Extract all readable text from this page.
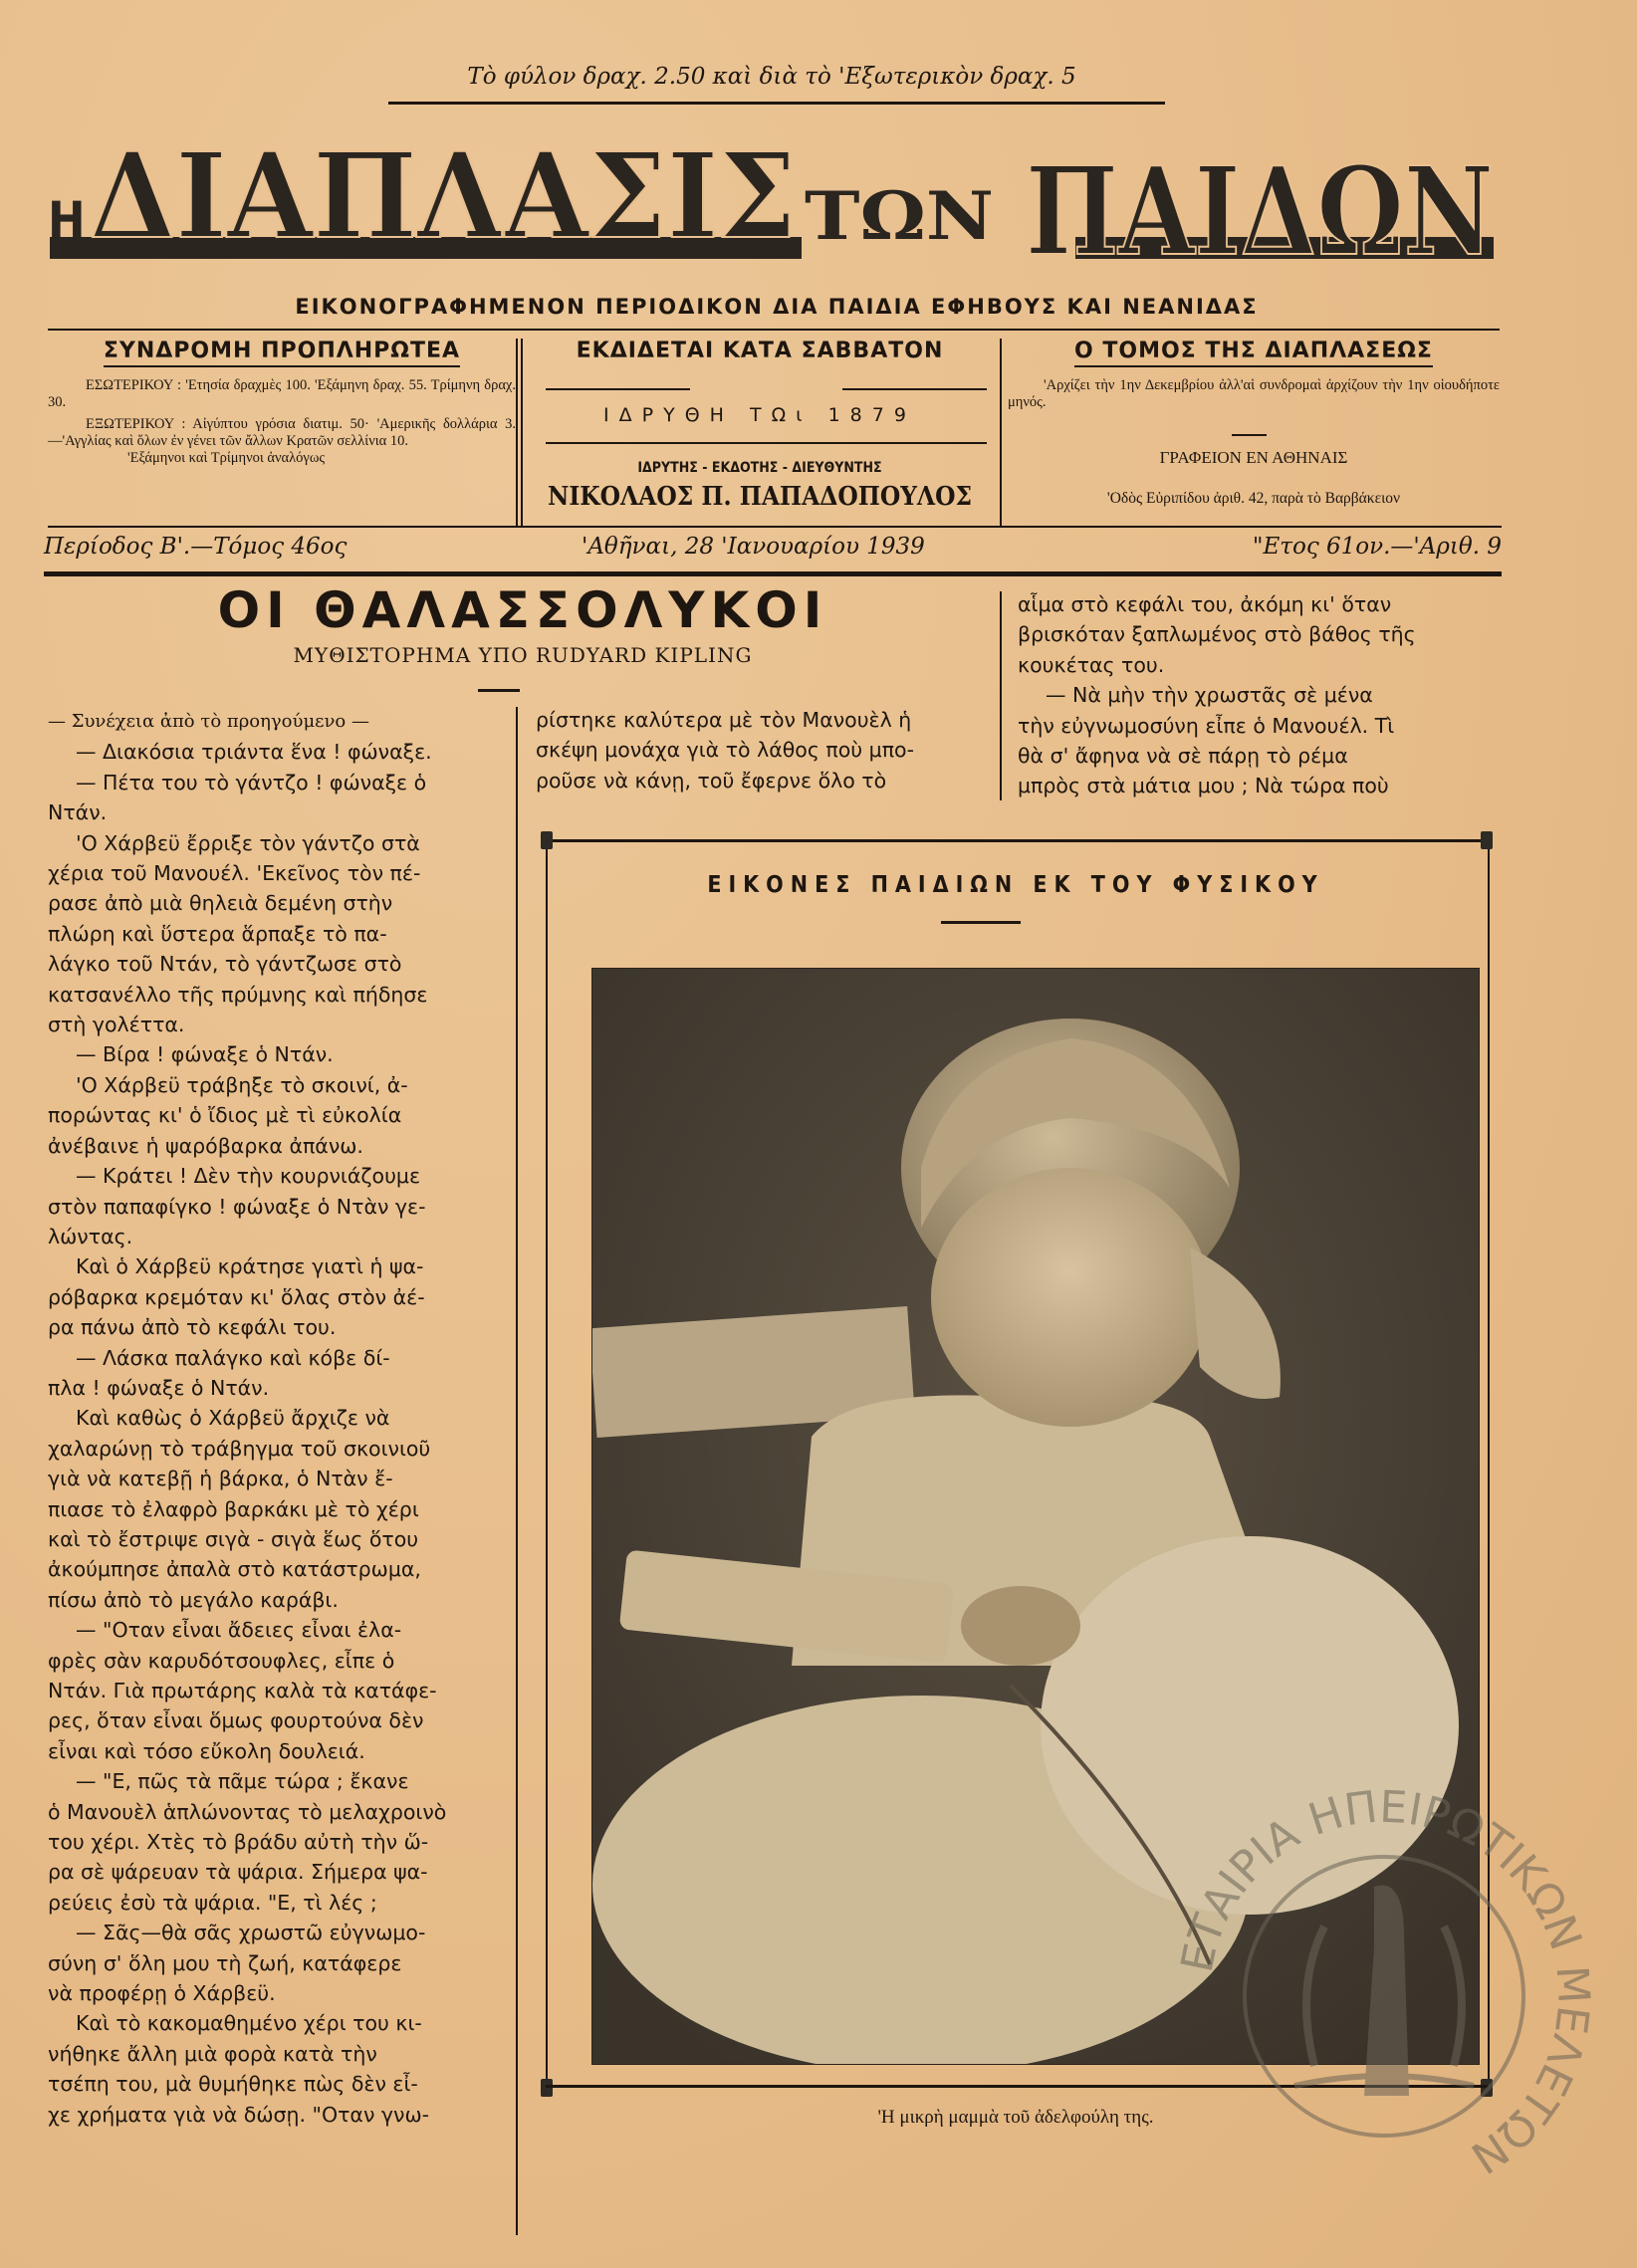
Τὸ φύλον δραχ. 2.50 καὶ διὰ τὸ 'Εξωτερικὸν δραχ. 5
Η ΔΙΑΠΛΑΣΙΣ ΤΩΝ ΠΑΙΔΩΝ
ΕΙΚΟΝΟΓΡΑΦΗΜΕΝΟΝ ΠΕΡΙΟΔΙΚΟΝ ΔΙΑ ΠΑΙΔΙΑ ΕΦΗΒΟΥΣ ΚΑΙ ΝΕΑΝΙΔΑΣ
ΣΥΝΔΡΟΜΗ ΠΡΟΠΛΗΡΩΤΕΑ

ΕΣΩΤΕΡΙΚΟΥ : 'Ετησία δραχμὲς 100. 'Εξάμηνη δραχ. 55. Τρίμηνη δραχ. 30.

ΕΞΩΤΕΡΙΚΟΥ : Αἰγύπτου γρόσια διατιμ. 50· 'Αμερικῆς δολλάρια 3.—'Αγγλίας καὶ ὅλων ἐν γένει τῶν ἄλλων Κρατῶν σελλίνια 10.

'Εξάμηνοι καὶ Τρίμηνοι ἀναλόγως

ΕΚΔΙΔΕΤΑΙ ΚΑΤΑ ΣΑΒΒΑΤΟΝ
ΙΔΡΥΘΗ ΤΩι 1879
ΙΔΡΥΤΗΣ - ΕΚΔΟΤΗΣ - ΔΙΕΥΘΥΝΤΗΣ
ΝΙΚΟΛΑΟΣ Π. ΠΑΠΑΔΟΠΟΥΛΟΣ
Ο ΤΟΜΟΣ ΤΗΣ ΔΙΑΠΛΑΣΕΩΣ

'Αρχίζει τὴν 1ην Δεκεμβρίου ἀλλ'αἱ συνδρομαὶ ἀρχίζουν τὴν 1ην οἱουδήποτε μηνός.

ΓΡΑΦΕΙΟΝ ΕΝ ΑΘΗΝΑΙΣ
'Οδὸς Εὐριπίδου ἀριθ. 42, παρὰ τὸ Βαρβάκειον
Περίοδος Β'.—Τόμος 46ος	'Αθῆναι, 28 'Ιανουαρίου 1939	"Ετος 61ον.—'Αριθ. 9
ΟΙ ΘΑΛΑΣΣΟΛΥΚΟΙ
ΜΥΘΙΣΤΟΡΗΜΑ ΥΠΟ RUDYARD KIPLING
— Συνέχεια ἀπὸ τὸ προηγούμενο —
— Διακόσια τριάντα ἕνα ! φώναξε.
— Πέτα του τὸ γάντζο ! φώναξε ὁ
Ντάν.
'Ο Χάρβεϋ ἔρριξε τὸν γάντζο στὰ
χέρια τοῦ Μανουέλ. 'Εκεῖνος τὸν πέ-
ρασε ἀπὸ μιὰ θηλειὰ δεμένη στὴν
πλώρη καὶ ὕστερα ἅρπαξε τὸ πα-
λάγκο τοῦ Ντάν, τὸ γάντζωσε στὸ
κατσανέλλο τῆς πρύμνης καὶ πήδησε
στὴ γολέττα.
— Βίρα ! φώναξε ὁ Ντάν.
'Ο Χάρβεϋ τράβηξε τὸ σκοινί, ἀ-
πορώντας κι' ὁ ἴδιος μὲ τὶ εὐκολία
ἀνέβαινε ἡ ψαρόβαρκα ἀπάνω.
— Κράτει ! Δὲν τὴν κουρνιάζουμε
στὸν παπαφίγκο ! φώναξε ὁ Ντὰν γε-
λώντας.
Καὶ ὁ Χάρβεϋ κράτησε γιατὶ ἡ ψα-
ρόβαρκα κρεμόταν κι' ὅλας στὸν ἀέ-
ρα πάνω ἀπὸ τὸ κεφάλι του.
— Λάσκα παλάγκο καὶ κόβε δί-
πλα ! φώναξε ὁ Ντάν.
Καὶ καθὼς ὁ Χάρβεϋ ἄρχιζε νὰ
χαλαρώνῃ τὸ τράβηγμα τοῦ σκοινιοῦ
γιὰ νὰ κατεβῇ ἡ βάρκα, ὁ Ντὰν ἔ-
πιασε τὸ ἐλαφρὸ βαρκάκι μὲ τὸ χέρι
καὶ τὸ ἔστριψε σιγὰ - σιγὰ ἕως ὅτου
ἀκούμπησε ἀπαλὰ στὸ κατάστρωμα,
πίσω ἀπὸ τὸ μεγάλο καράβι.
— "Οταν εἶναι ἄδειες εἶναι ἐλα-
φρὲς σὰν καρυδότσουφλες, εἶπε ὁ
Ντάν. Γιὰ πρωτάρης καλὰ τὰ κατάφε-
ρες, ὅταν εἶναι ὅμως φουρτούνα δὲν
εἶναι καὶ τόσο εὔκολη δουλειά.
— "Ε, πῶς τὰ πᾶμε τώρα ; ἔκανε
ὁ Μανουὲλ ἁπλώνοντας τὸ μελαχροινὸ
του χέρι. Χτὲς τὸ βράδυ αὐτὴ τὴν ὥ-
ρα σὲ ψάρευαν τὰ ψάρια. Σήμερα ψα-
ρεύεις ἐσὺ τὰ ψάρια. "Ε, τὶ λές ;
— Σᾶς—θὰ σᾶς χρωστῶ εὐγνωμο-
σύνη σ' ὅλη μου τὴ ζωή, κατάφερε
νὰ προφέρῃ ὁ Χάρβεϋ.
Καὶ τὸ κακομαθημένο χέρι του κι-
νήθηκε ἄλλη μιὰ φορὰ κατὰ τὴν
τσέπη του, μὰ θυμήθηκε πὼς δὲν εἶ-
χε χρήματα γιὰ νὰ δώσῃ. "Οταν γνω-
ρίστηκε καλύτερα μὲ τὸν Μανουὲλ ἡ
σκέψη μονάχα γιὰ τὸ λάθος ποὺ μπο-
ροῦσε νὰ κάνῃ, τοῦ ἔφερνε ὅλο τὸ
αἷμα στὸ κεφάλι του, ἀκόμη κι' ὅταν
βρισκόταν ξαπλωμένος στὸ βάθος τῆς
κουκέτας του.
— Νὰ μὴν τὴν χρωστᾶς σὲ μένα
τὴν εὐγνωμοσύνη εἶπε ὁ Μανουέλ. Τὶ
θὰ σ' ἄφηνα νὰ σὲ πάρῃ τὸ ρέμα
μπρὸς στὰ μάτια μου ; Νὰ τώρα ποὺ
ΕΙΚΟΝΕΣ ΠΑΙΔΙΩΝ ΕΚ ΤΟΥ ΦΥΣΙΚΟΥ
'Η μικρὴ μαμμὰ τοῦ ἀδελφούλη της.
ΕΤΑΙΡΙΑ ΗΠΕΙΡΩΤΙΚΩΝ ΕΛΕΤΩΝ
